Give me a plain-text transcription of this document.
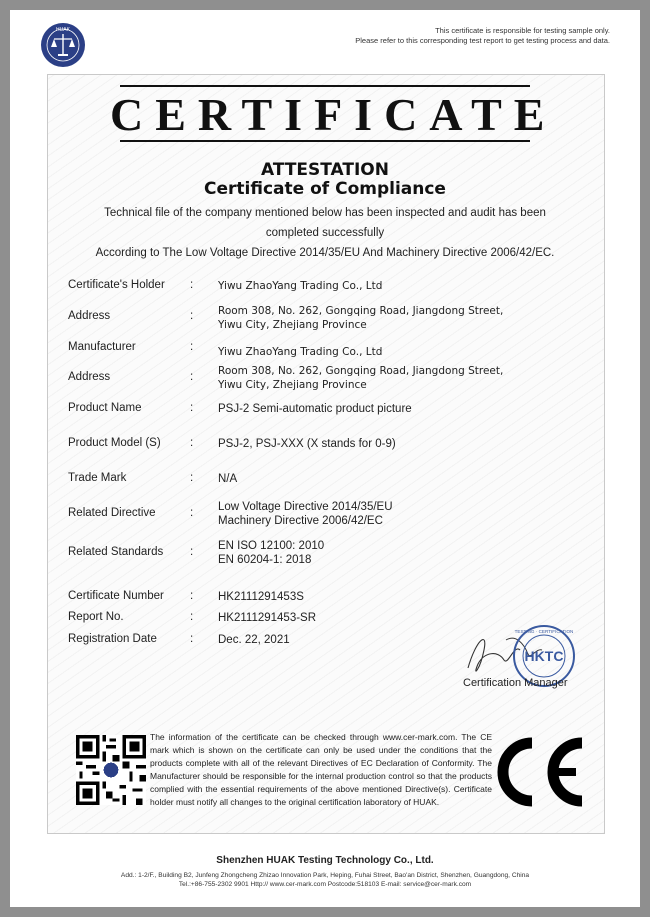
HUAK	This certificate is responsible for testing sample only.
Please refer to this corresponding test report to get testing process and data.
CERTIFICATE
ATTESTATION
Certificate of Compliance
Technical file of the company mentioned below has been inspected and audit has been
completed successfully
According to The Low Voltage Directive 2014/35/EU And Machinery Directive 2006/42/EC.
Certificate's Holder : Yiwu ZhaoYang Trading Co., Ltd
Address	: Room 308, No. 262, Gongqing Road, Jiangdong Street,
Yiwu City, Zhejiang Province
Manufacturer	: Yiwu ZhaoYang Trading Co., Ltd
Address	: Room 308, No. 262, Gongqing Road, Jiangdong Street,
Yiwu City, Zhejiang Province
Product Name	: PSJ-2 Semi-automatic product picture
Product Model (S)	: PSJ-2, PSJ-XXX (X stands for 0-9)
Trade Mark	: N/A
Related Directive	: Low Voltage Directive 2014/35/EU
Machinery Directive 2006/42/EC
Related Standards : EN ISO 12100: 2010
EN 60204-1: 2018
Certificate Number : HK2111291453S
Report No.	: HK2111291453-SR
Registration Date	: Dec. 22, 2021
HKTC
TESTING · CERTIFICATION
Certification Manager
The information of the certificate can be checked through www.cer-mark.com. The CE mark which is shown on the certificate can only be used under the conditions that the products complete with all of the relevant Directives of EC Declaration of Conformity. The Manufacturer should be responsible for the internal production control so that the products complied with the essential requirements of the above mentioned Directive(s). Certificate holder must notify all changes to the original certification laboratory of HUAK.
Shenzhen HUAK Testing Technology Co., Ltd.
Add.: 1-2/F., Building B2, Junfeng Zhongcheng Zhizao Innovation Park, Heping, Fuhai Street, Bao'an District, Shenzhen, Guangdong, China
Tel.:+86-755-2302 9901 Http:// www.cer-mark.com Postcode:518103 E-mail: service@cer-mark.com
